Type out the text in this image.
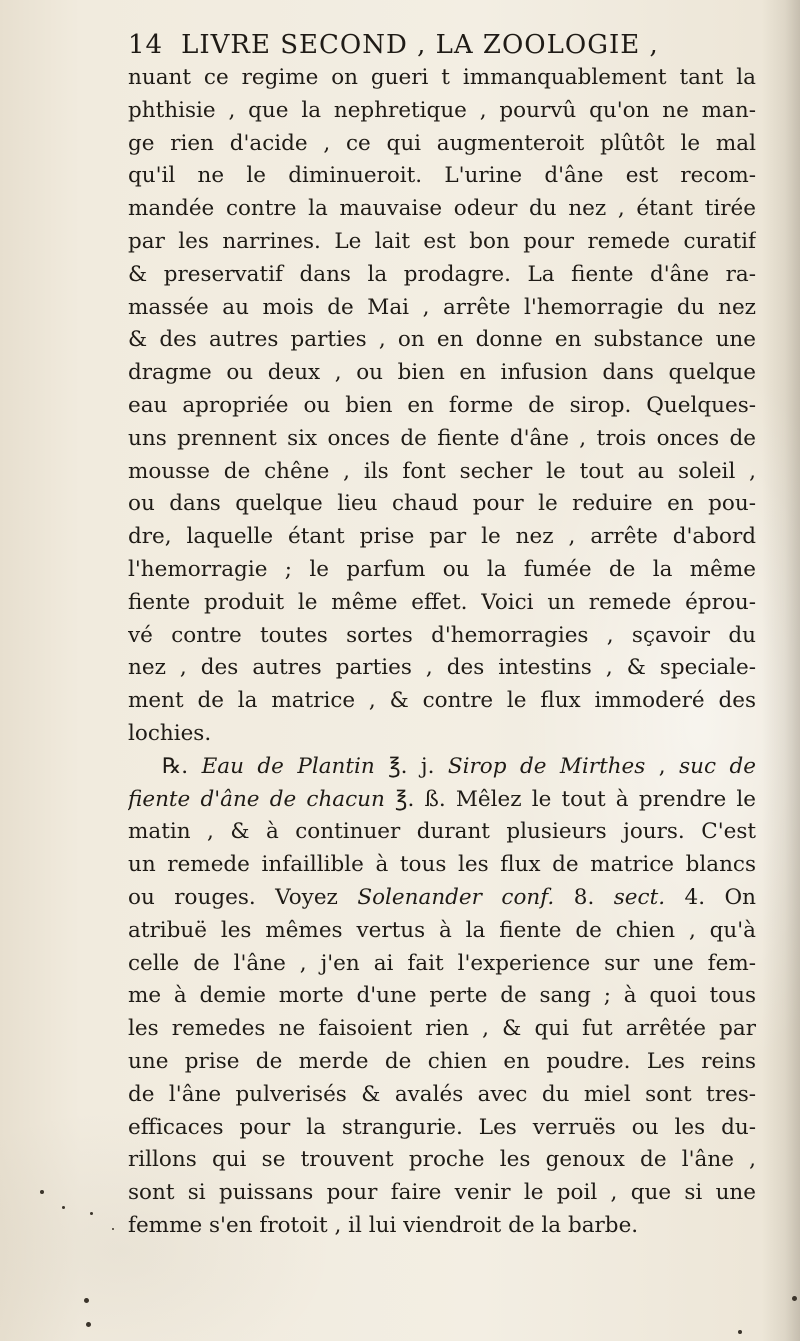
14 LIVRE SECOND , LA ZOOLOGIE ,
nuant ce regime on gueri t immanquablement tant la
phthisie , que la nephretique , pourvû qu'on ne man-
ge rien d'acide , ce qui augmenteroit plûtôt le mal
qu'il ne le diminueroit. L'urine d'âne est recom-
mandée contre la mauvaise odeur du nez , étant tirée
par les narrines. Le lait est bon pour remede curatif
& preservatif dans la prodagre. La fiente d'âne ra-
massée au mois de Mai , arrête l'hemorragie du nez
& des autres parties , on en donne en substance une
dragme ou deux , ou bien en infusion dans quelque
eau apropriée ou bien en forme de sirop. Quelques-
uns prennent six onces de fiente d'âne , trois onces de
mousse de chêne , ils font secher le tout au soleil ,
ou dans quelque lieu chaud pour le reduire en pou-
dre, laquelle étant prise par le nez , arrête d'abord
l'hemorragie ; le parfum ou la fumée de la même
fiente produit le même effet. Voici un remede éprou-
vé contre toutes sortes d'hemorragies , sçavoir du
nez , des autres parties , des intestins , & speciale-
ment de la matrice , & contre le flux immoderé des
lochies.
℞. Eau de Plantin ℥. j. Sirop de Mirthes , suc de
fiente d'âne de chacun ℥. ß. Mêlez le tout à prendre le
matin , & à continuer durant plusieurs jours. C'est
un remede infaillible à tous les flux de matrice blancs
ou rouges. Voyez Solenander conf. 8. sect. 4. On
atribuë les mêmes vertus à la fiente de chien , qu'à
celle de l'âne , j'en ai fait l'experience sur une fem-
me à demie morte d'une perte de sang ; à quoi tous
les remedes ne faisoient rien , & qui fut arrêtée par
une prise de merde de chien en poudre. Les reins
de l'âne pulverisés & avalés avec du miel sont tres-
efficaces pour la strangurie. Les verruës ou les du-
rillons qui se trouvent proche les genoux de l'âne ,
sont si puissans pour faire venir le poil , que si une
femme s'en frotoit , il lui viendroit de la barbe.
